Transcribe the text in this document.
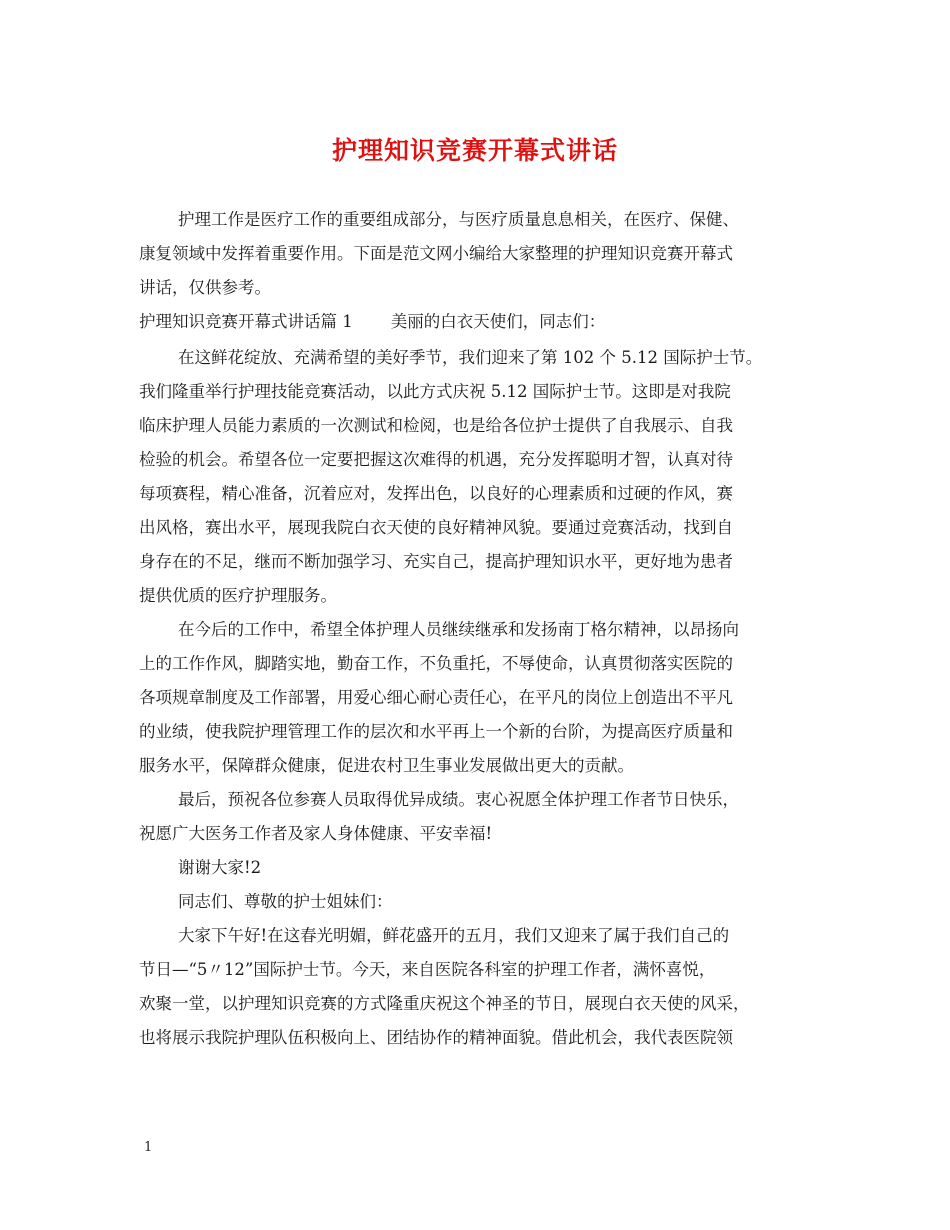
护理知识竞赛开幕式讲话

护理工作是医疗工作的重要组成部分，与医疗质量息息相关，在医疗、保健、

康复领域中发挥着重要作用。下面是范文网小编给大家整理的护理知识竞赛开幕式

讲话，仅供参考。

护理知识竞赛开幕式讲话篇 1 美丽的白衣天使们，同志们：

在这鲜花绽放、充满希望的美好季节，我们迎来了第 102 个 5.12 国际护士节。

我们隆重举行护理技能竞赛活动，以此方式庆祝 5.12 国际护士节。这即是对我院

临床护理人员能力素质的一次测试和检阅，也是给各位护士提供了自我展示、自我

检验的机会。希望各位一定要把握这次难得的机遇，充分发挥聪明才智，认真对待

每项赛程，精心准备，沉着应对，发挥出色，以良好的心理素质和过硬的作风，赛

出风格，赛出水平，展现我院白衣天使的良好精神风貌。要通过竞赛活动，找到自

身存在的不足，继而不断加强学习、充实自己，提高护理知识水平，更好地为患者

提供优质的医疗护理服务。

在今后的工作中，希望全体护理人员继续继承和发扬南丁格尔精神，以昂扬向

上的工作作风，脚踏实地，勤奋工作，不负重托，不辱使命，认真贯彻落实医院的

各项规章制度及工作部署，用爱心细心耐心责任心，在平凡的岗位上创造出不平凡

的业绩，使我院护理管理工作的层次和水平再上一个新的台阶，为提高医疗质量和

服务水平，保障群众健康，促进农村卫生事业发展做出更大的贡献。

最后，预祝各位参赛人员取得优异成绩。衷心祝愿全体护理工作者节日快乐，

祝愿广大医务工作者及家人身体健康、平安幸福!

谢谢大家!2

同志们、尊敬的护士姐妹们：

大家下午好!在这春光明媚，鲜花盛开的五月，我们又迎来了属于我们自己的

节日—“5〃12”国际护士节。今天，来自医院各科室的护理工作者，满怀喜悦，

欢聚一堂，以护理知识竞赛的方式隆重庆祝这个神圣的节日，展现白衣天使的风采，

也将展示我院护理队伍积极向上、团结协作的精神面貌。借此机会，我代表医院领

1
